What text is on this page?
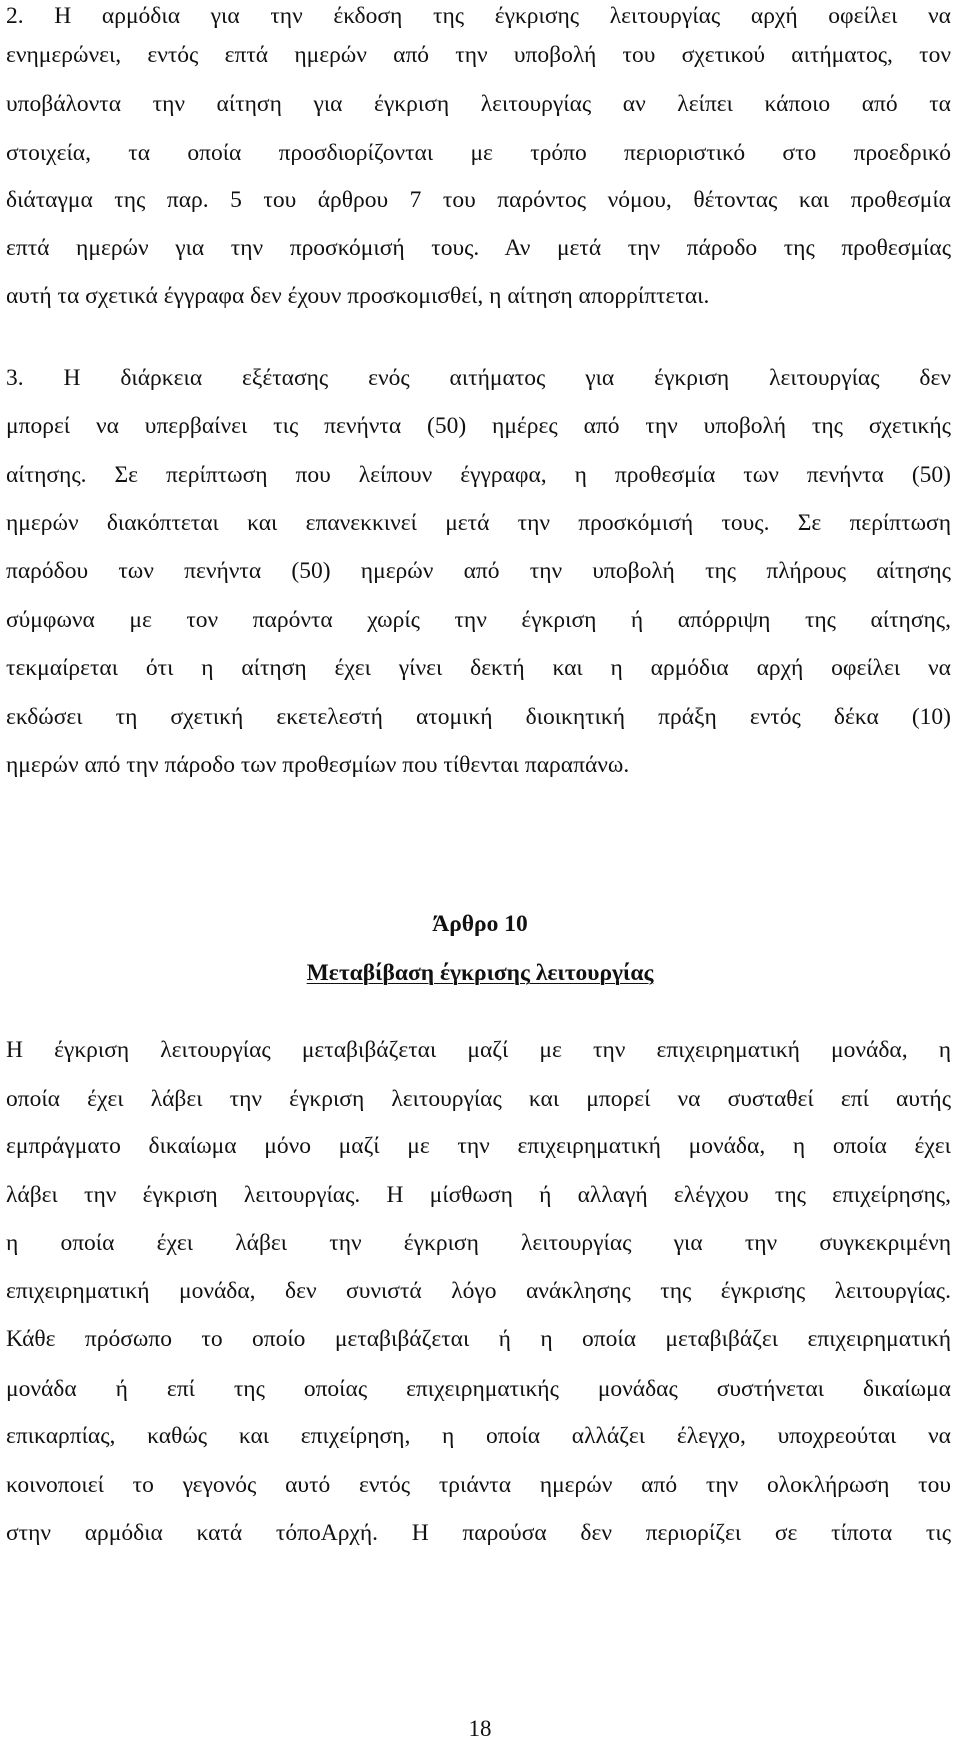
2. Η αρμόδια για την έκδοση της έγκρισης λειτουργίας αρχή οφείλει να
ενημερώνει, εντός επτά ημερών από την υποβολή του σχετικού αιτήματος, τον
υποβάλοντα την αίτηση για έγκριση λειτουργίας αν λείπει κάποιο από τα
στοιχεία, τα οποία προσδιορίζονται με τρόπο περιοριστικό στο προεδρικό
διάταγμα της παρ. 5 του άρθρου 7 του παρόντος νόμου, θέτοντας και προθεσμία
επτά ημερών για την προσκόμισή τους. Αν μετά την πάροδο της προθεσμίας
αυτή τα σχετικά έγγραφα δεν έχουν προσκομισθεί, η αίτηση απορρίπτεται.
3. Η διάρκεια εξέτασης ενός αιτήματος για έγκριση λειτουργίας δεν
μπορεί να υπερβαίνει τις πενήντα (50) ημέρες από την υποβολή της σχετικής
αίτησης. Σε περίπτωση που λείπουν έγγραφα, η προθεσμία των πενήντα (50)
ημερών διακόπτεται και επανεκκινεί μετά την προσκόμισή τους. Σε περίπτωση
παρόδου των πενήντα (50) ημερών από την υποβολή της πλήρους αίτησης
σύμφωνα με τον παρόντα χωρίς την έγκριση ή απόρριψη της αίτησης,
τεκμαίρεται ότι η αίτηση έχει γίνει δεκτή και η αρμόδια αρχή οφείλει να
εκδώσει τη σχετική εκετελεστή ατομική διοικητική πράξη εντός δέκα (10)
ημερών από την πάροδο των προθεσμίων που τίθενται παραπάνω.
Άρθρο 10
Μεταβίβαση έγκρισης λειτουργίας
Η έγκριση λειτουργίας μεταβιβάζεται μαζί με την επιχειρηματική μονάδα, η
οποία έχει λάβει την έγκριση λειτουργίας και μπορεί να συσταθεί επί αυτής
εμπράγματο δικαίωμα μόνο μαζί με την επιχειρηματική μονάδα, η οποία έχει
λάβει την έγκριση λειτουργίας. Η μίσθωση ή αλλαγή ελέγχου της επιχείρησης,
η οποία έχει λάβει την έγκριση λειτουργίας για την συγκεκριμένη
επιχειρηματική μονάδα, δεν συνιστά λόγο ανάκλησης της έγκρισης λειτουργίας.
Κάθε πρόσωπο το οποίο μεταβιβάζεται ή η οποία μεταβιβάζει επιχειρηματική
μονάδα ή επί της οποίας επιχειρηματικής μονάδας συστήνεται δικαίωμα
επικαρπίας, καθώς και επιχείρηση, η οποία αλλάζει έλεγχο, υποχρεούται να
κοινοποιεί το γεγονός αυτό εντός τριάντα ημερών από την ολοκλήρωση του
στην αρμόδια κατά τόποΑρχή. Η παρούσα δεν περιορίζει σε τίποτα τις
18
